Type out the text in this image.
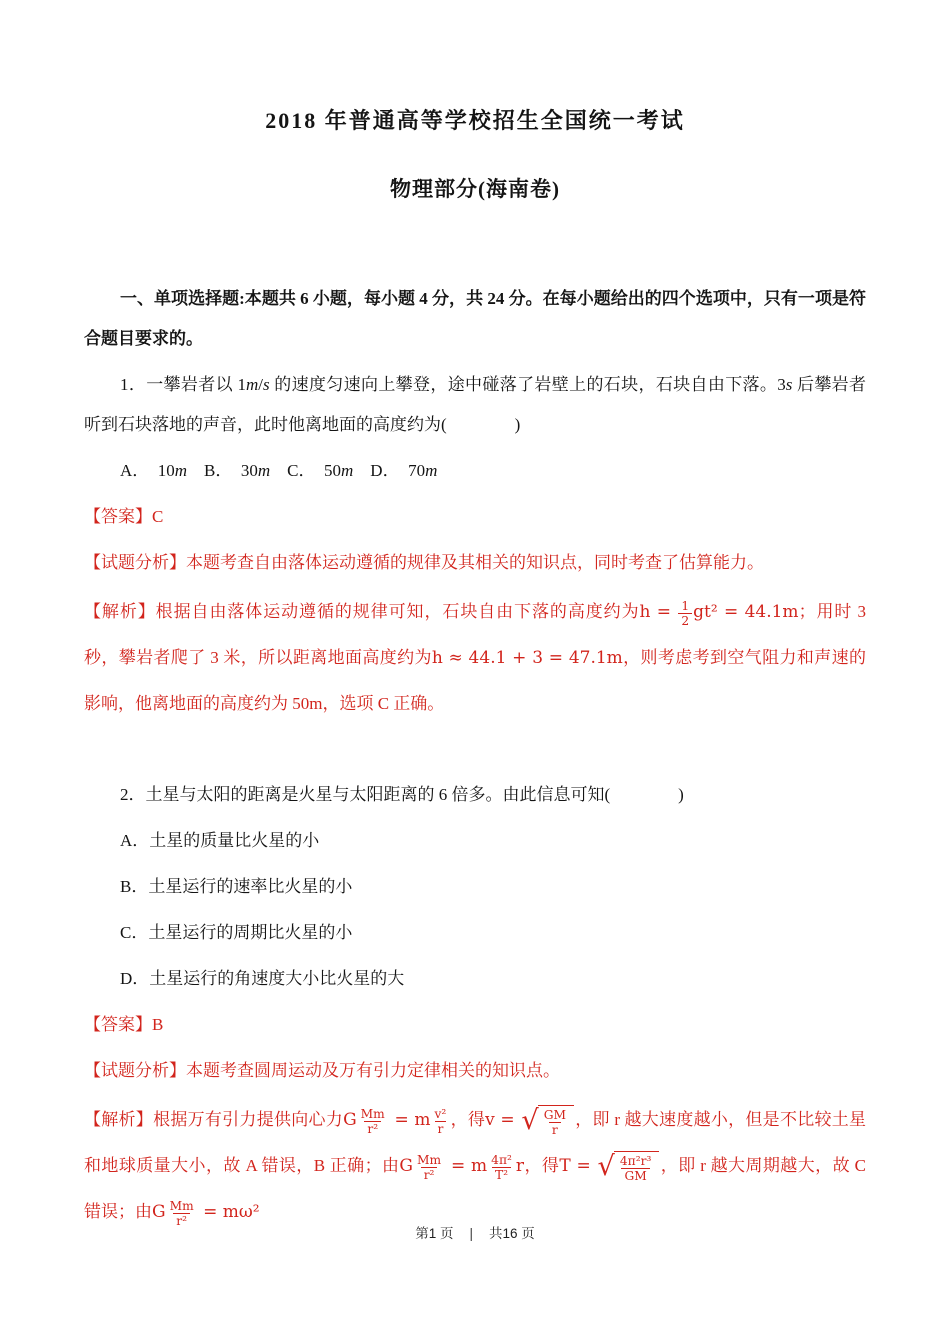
2018 年普通高等学校招生全国统一考试
物理部分(海南卷)

一、单项选择题:本题共 6 小题，每小题 4 分，共 24 分。在每小题给出的四个选项中，只有一项是符合题目要求的。

1．一攀岩者以 1m/s 的速度匀速向上攀登，途中碰落了岩壁上的石块，石块自由下落。3s 后攀岩者听到石块落地的声音，此时他离地面的高度约为(　　　　)

A．　10m　B．　30m　C．　50m　D．　70m

【答案】C

【试题分析】本题考查自由落体运动遵循的规律及其相关的知识点，同时考查了估算能力。

【解析】根据自由落体运动遵循的规律可知，石块自由下落的高度约为$h = \frac{1}{2} gt^2 = 44.1m$；用时 3 秒，攀岩者爬了 3 米，所以距离地面高度约为h ≈ 44.1 + 3 = 47.1m，则考虑考到空气阻力和声速的影响，他离地面的高度约为 50m，选项 C 正确。

2．土星与太阳的距离是火星与太阳距离的 6 倍多。由此信息可知(　　　　)

A．土星的质量比火星的小

B．土星运行的速率比火星的小

C．土星运行的周期比火星的小

D．土星运行的角速度大小比火星的大

【答案】B

【试题分析】本题考查圆周运动及万有引力定律相关的知识点。

【解析】根据万有引力提供向心力G $\frac{Mm}{\text{r²}} = m \frac{\text{v²}}{r}$ ，得v = √ $\frac{GM}{r}$ ，即 r 越大速度越小，但是不比较土星和地球质量大小，故 A 错误，B 正确；由G $\frac{Mm}{\text{r²}} = m \frac{\text{4π²}}{\text{T²}}$ r，得T = √ $\frac{\text{4π²r³}}{GM}$ ，即 r 越大周期越大，故 C 错误；由G $\frac{Mm}{\text{r²}} = m\omega^2$

第1 页 | 共16 页
